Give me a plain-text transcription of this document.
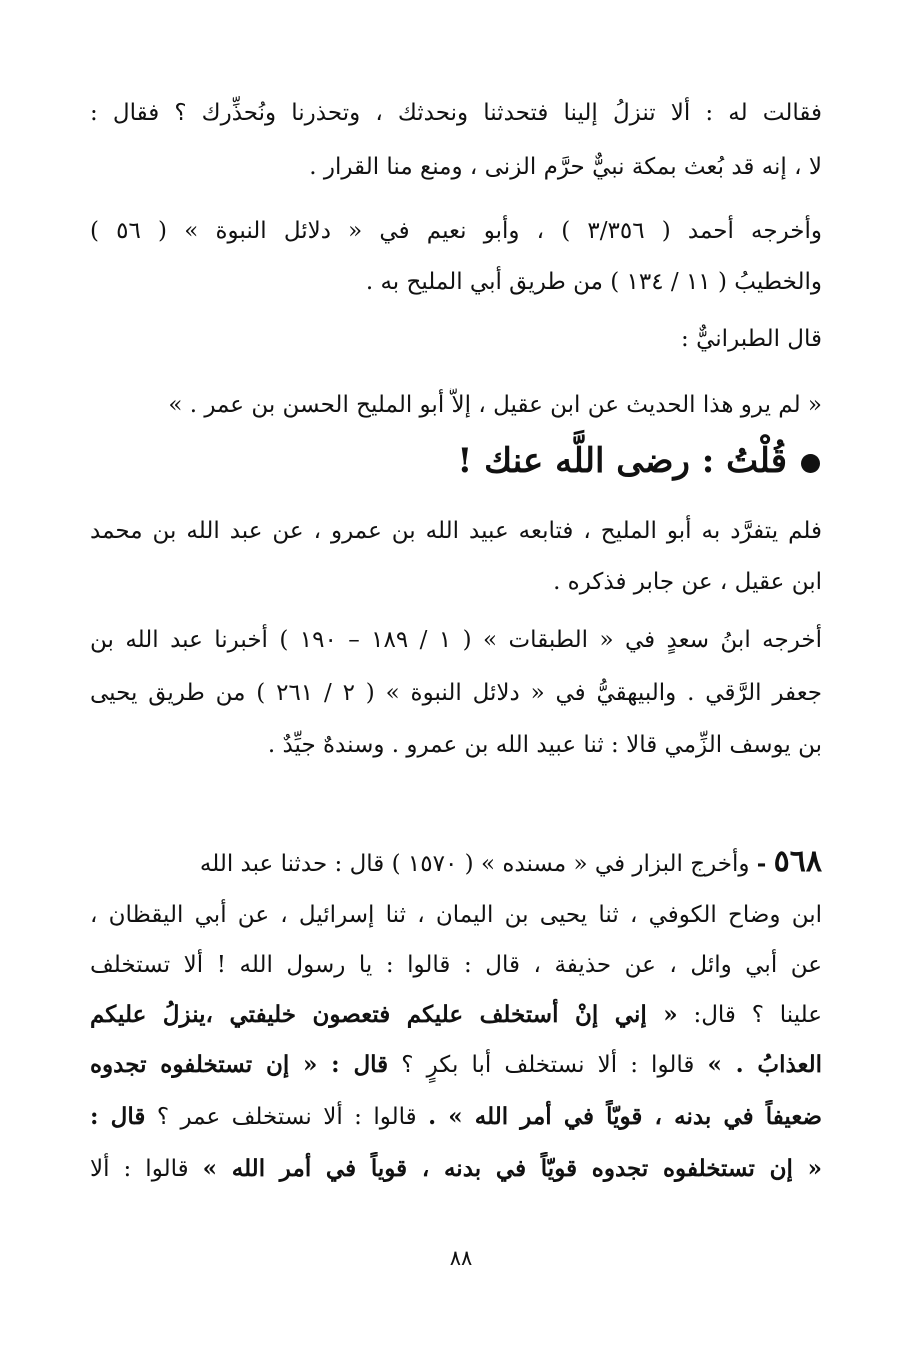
فقالت له : ألا تنزلُ إلينا فتحدثنا ونحدثك ، وتحذرنا ونُحذِّرك ؟ فقال :
لا ، إنه قد بُعث بمكة نبيٌّ حرَّم الزنى ، ومنع منا القرار .
وأخرجه أحمد ( ٣/٣٥٦ ) ، وأبو نعيم في « دلائل النبوة » ( ٥٦ )
والخطيبُ ( ١١ / ١٣٤ ) من طريق أبي المليح به .
قال الطبرانيٌّ :
« لم يرو هذا الحديث عن ابن عقيل ، إلاَّ أبو المليح الحسن بن عمر . »
قُلْتُ : رضى اللَّه عنك !
فلم يتفرَّد به أبو المليح ، فتابعه عبيد الله بن عمرو ، عن عبد الله بن محمد
ابن عقيل ، عن جابر فذكره .
أخرجه ابنُ سعدٍ في « الطبقات » ( ١ / ١٨٩ – ١٩٠ ) أخبرنا عبد الله بن
جعفر الرَّقي . والبيهقيُّ في « دلائل النبوة » ( ٢ / ٢٦١ ) من طريق يحيى
بن يوسف الزِّمي قالا : ثنا عبيد الله بن عمرو . وسندهٌ جيِّدٌ .
٥٦٨ - وأخرج البزار في « مسنده » ( ١٥٧٠ ) قال : حدثنا عبد الله
ابن وضاح الكوفي ، ثنا يحيى بن اليمان ، ثنا إسرائيل ، عن أبي اليقظان ،
عن أبي وائل ، عن حذيفة ، قال : قالوا : يا رسول الله ! ألا تستخلف
علينا ؟ قال: « إني إنْ أستخلف عليكم فتعصون خليفتي ،ينزلُ عليكم
العذابُ . » قالوا : ألا نستخلف أبا بكرٍ ؟ قال : « إن تستخلفوه تجدوه
ضعيفاً في بدنه ، قويّاً في أمر الله » . قالوا : ألا نستخلف عمر ؟ قال :
« إن تستخلفوه تجدوه قويّاً في بدنه ، قوياً في أمر الله » قالوا : ألا
٨٨
